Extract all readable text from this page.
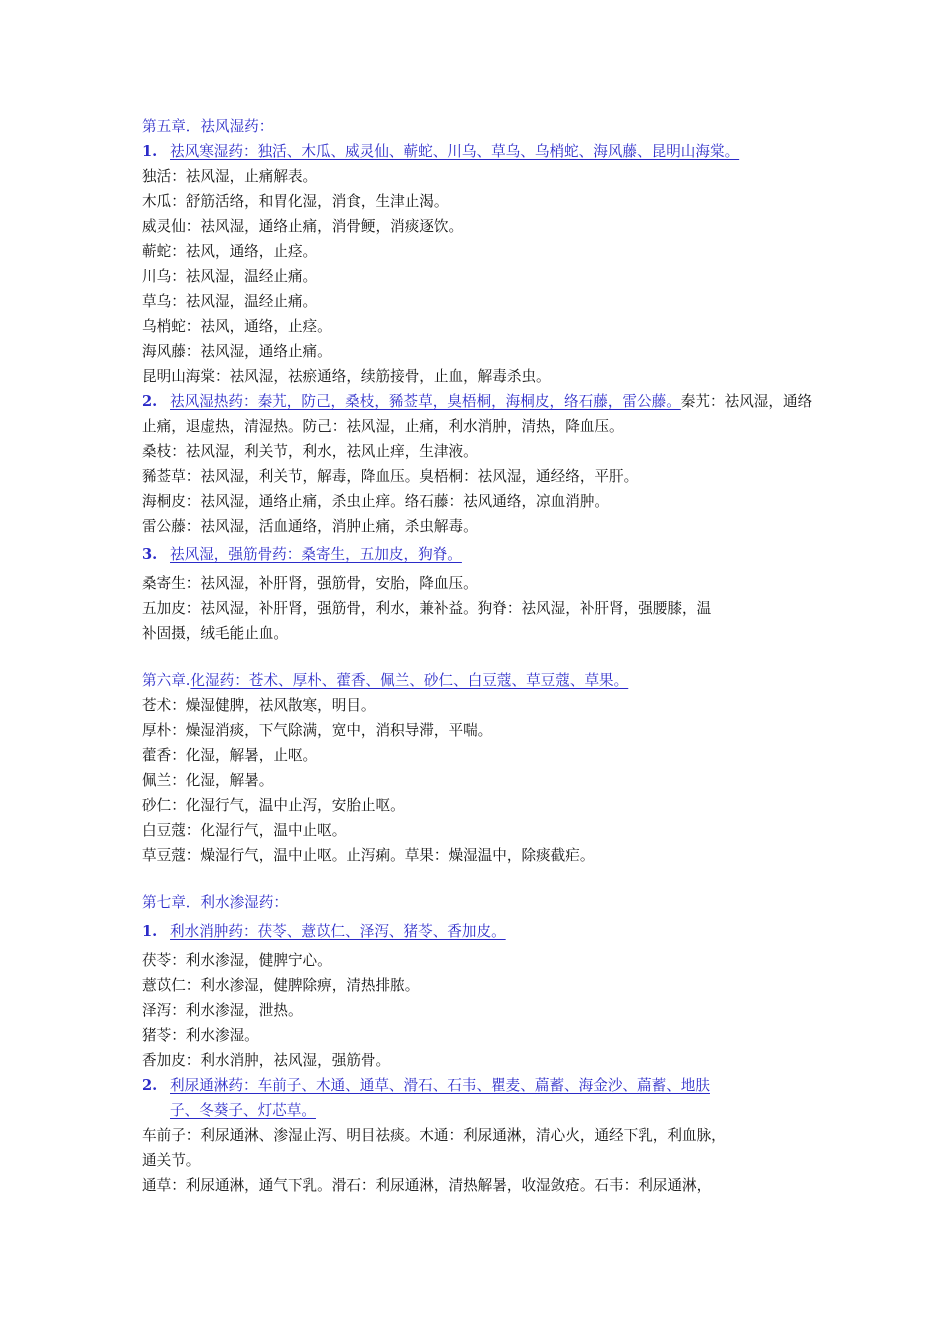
第五章．祛风湿药：
1. 祛风寒湿药：独活、木瓜、威灵仙、蕲蛇、川乌、草乌、乌梢蛇、海风藤、昆明山海棠。独活：祛风湿，止痛解表。
木瓜：舒筋活络，和胃化湿，消食，生津止渴。
威灵仙：祛风湿，通络止痛，消骨鲠，消痰逐饮。
蕲蛇：祛风，通络，止痉。
川乌：祛风湿，温经止痛。
草乌：祛风湿，温经止痛。
乌梢蛇：祛风，通络，止痉。
海风藤：祛风湿，通络止痛。
昆明山海棠：祛风湿，祛瘀通络，续筋接骨，止血，解毒杀虫。
2. 祛风湿热药：秦艽，防己，桑枝，豨莶草，臭梧桐，海桐皮，络石藤，雷公藤。秦艽：祛风湿，通络止痛，退虚热，清湿热。防己：祛风湿，止痛，利水消肿，清热，降血压。
桑枝：祛风湿，利关节，利水，祛风止痒，生津液。
豨莶草：祛风湿，利关节，解毒，降血压。臭梧桐：祛风湿，通经络，平肝。
海桐皮：祛风湿，通络止痛，杀虫止痒。络石藤：祛风通络，凉血消肿。
雷公藤：祛风湿，活血通络，消肿止痛，杀虫解毒。
3. 祛风湿，强筋骨药：桑寄生，五加皮，狗脊。
桑寄生：祛风湿，补肝肾，强筋骨，安胎，降血压。
五加皮：祛风湿，补肝肾，强筋骨，利水，兼补益。狗脊：祛风湿，补肝肾，强腰膝，温
补固摄，绒毛能止血。
第六章.化湿药：苍术、厚朴、藿香、佩兰、砂仁、白豆蔻、草豆蔻、草果。
苍术：燥湿健脾，祛风散寒，明目。
厚朴：燥湿消痰，下气除满，宽中，消积导滞，平喘。
藿香：化湿，解暑，止呕。
佩兰：化湿，解暑。
砂仁：化湿行气，温中止泻，安胎止呕。
白豆蔻：化湿行气，温中止呕。
草豆蔻：燥湿行气，温中止呕。止泻痢。草果：燥湿温中，除痰截疟。
第七章．利水渗湿药：
1. 利水消肿药：茯苓、薏苡仁、泽泻、猪苓、香加皮。
茯苓：利水渗湿，健脾宁心。
薏苡仁：利水渗湿，健脾除痹，清热排脓。
泽泻：利水渗湿，泄热。
猪苓：利水渗湿。
香加皮：利水消肿，祛风湿，强筋骨。
2. 利尿通淋药：车前子、木通、通草、滑石、石韦、瞿麦、萹蓄、海金沙、萹蓄、地肤
子、冬葵子、灯芯草。
车前子：利尿通淋、渗湿止泻、明目祛痰。木通：利尿通淋，清心火，通经下乳，利血脉，
通关节。
通草：利尿通淋，通气下乳。滑石：利尿通淋，清热解暑，收湿敛疮。石韦：利尿通淋，
